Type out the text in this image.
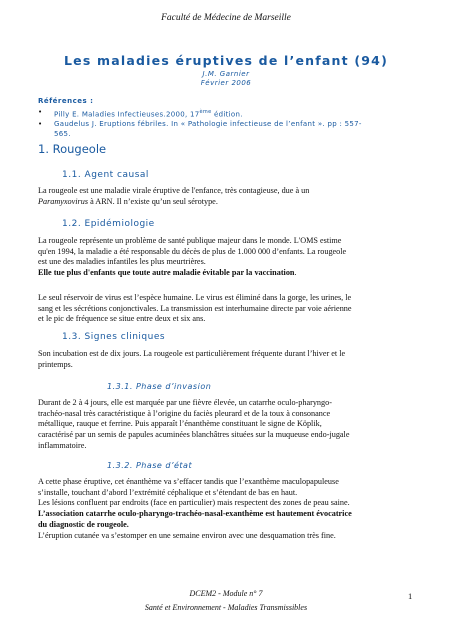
Faculté de Médecine de Marseille
Les maladies éruptives de l’enfant (94)
J.M. Garnier
Février 2006
Références :
• Pilly E. Maladies Infectieuses.2000, 17ème édition.
• Gaudelus J. Eruptions fébriles. In « Pathologie infectieuse de l’enfant ». pp : 557-
565.
1. Rougeole
1.1. Agent causal

La rougeole est une maladie virale éruptive de l'enfance, très contagieuse, due à un

Paramyxovirus à ARN. Il n’existe qu’un seul sérotype.

1.2. Epidémiologie

La rougeole représente un problème de santé publique majeur dans le monde. L'OMS estime

qu'en 1994, la maladie a été responsable du décès de plus de 1.000 000 d’enfants. La rougeole

est une des maladies infantiles les plus meurtrières.

Elle tue plus d'enfants que toute autre maladie évitable par la vaccination.

Le seul réservoir de virus est l’espèce humaine. Le virus est éliminé dans la gorge, les urines, le

sang et les sécrétions conjonctivales. La transmission est interhumaine directe par voie aérienne

et le pic de fréquence se situe entre deux et six ans.

1.3. Signes cliniques

Son incubation est de dix jours. La rougeole est particulièrement fréquente durant l’hiver et le

printemps.

1.3.1. Phase d’invasion

Durant de 2 à 4 jours, elle est marquée par une fièvre élevée, un catarrhe oculo-pharyngo-

trachéo-nasal très caractéristique à l’origine du faciès pleurard et de la toux à consonance

métallique, rauque et ferrine. Puis apparaît l’énanthème constituant le signe de Köplik,

caractérisé par un semis de papules acuminées blanchâtres situées sur la muqueuse endo-jugale

inflammatoire.

1.3.2. Phase d’état

A cette phase éruptive, cet énanthème va s’effacer tandis que l’exanthème maculopapuleuse

s’installe, touchant d’abord l’extrémité céphalique et s’étendant de bas en haut.

Les lésions confluent par endroits (face en particulier) mais respectent des zones de peau saine.

L’association catarrhe oculo-pharyngo-trachéo-nasal-exanthème est hautement évocatrice

du diagnostic de rougeole.

L’éruption cutanée va s’estomper en une semaine environ avec une desquamation très fine.

DCEM2 - Module n° 7
Santé et Environnement - Maladies Transmissibles
1
